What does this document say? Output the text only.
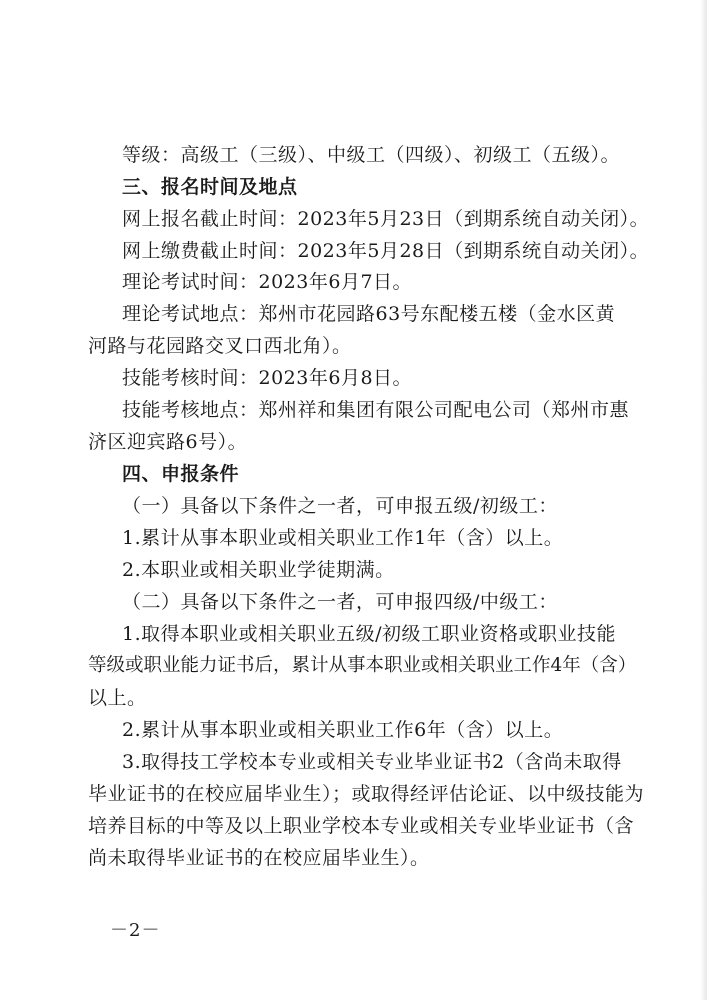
等级：高级工（三级）、中级工（四级）、初级工（五级）。
三、报名时间及地点
网上报名截止时间：2023年5月23日（到期系统自动关闭）。
网上缴费截止时间：2023年5月28日（到期系统自动关闭）。
理论考试时间：2023年6月7日。
理论考试地点：郑州市花园路63号东配楼五楼（金水区黄
河路与花园路交叉口西北角）。
技能考核时间：2023年6月8日。
技能考核地点：郑州祥和集团有限公司配电公司（郑州市惠
济区迎宾路6号）。
四、申报条件
（一）具备以下条件之一者，可申报五级/初级工：
1.累计从事本职业或相关职业工作1年（含）以上。
2.本职业或相关职业学徒期满。
（二）具备以下条件之一者，可申报四级/中级工：
1.取得本职业或相关职业五级/初级工职业资格或职业技能
等级或职业能力证书后，累计从事本职业或相关职业工作4年（含）
以上。
2.累计从事本职业或相关职业工作6年（含）以上。
3.取得技工学校本专业或相关专业毕业证书2（含尚未取得
毕业证书的在校应届毕业生）；或取得经评估论证、以中级技能为
培养目标的中等及以上职业学校本专业或相关专业毕业证书（含
尚未取得毕业证书的在校应届毕业生）。
－2－
